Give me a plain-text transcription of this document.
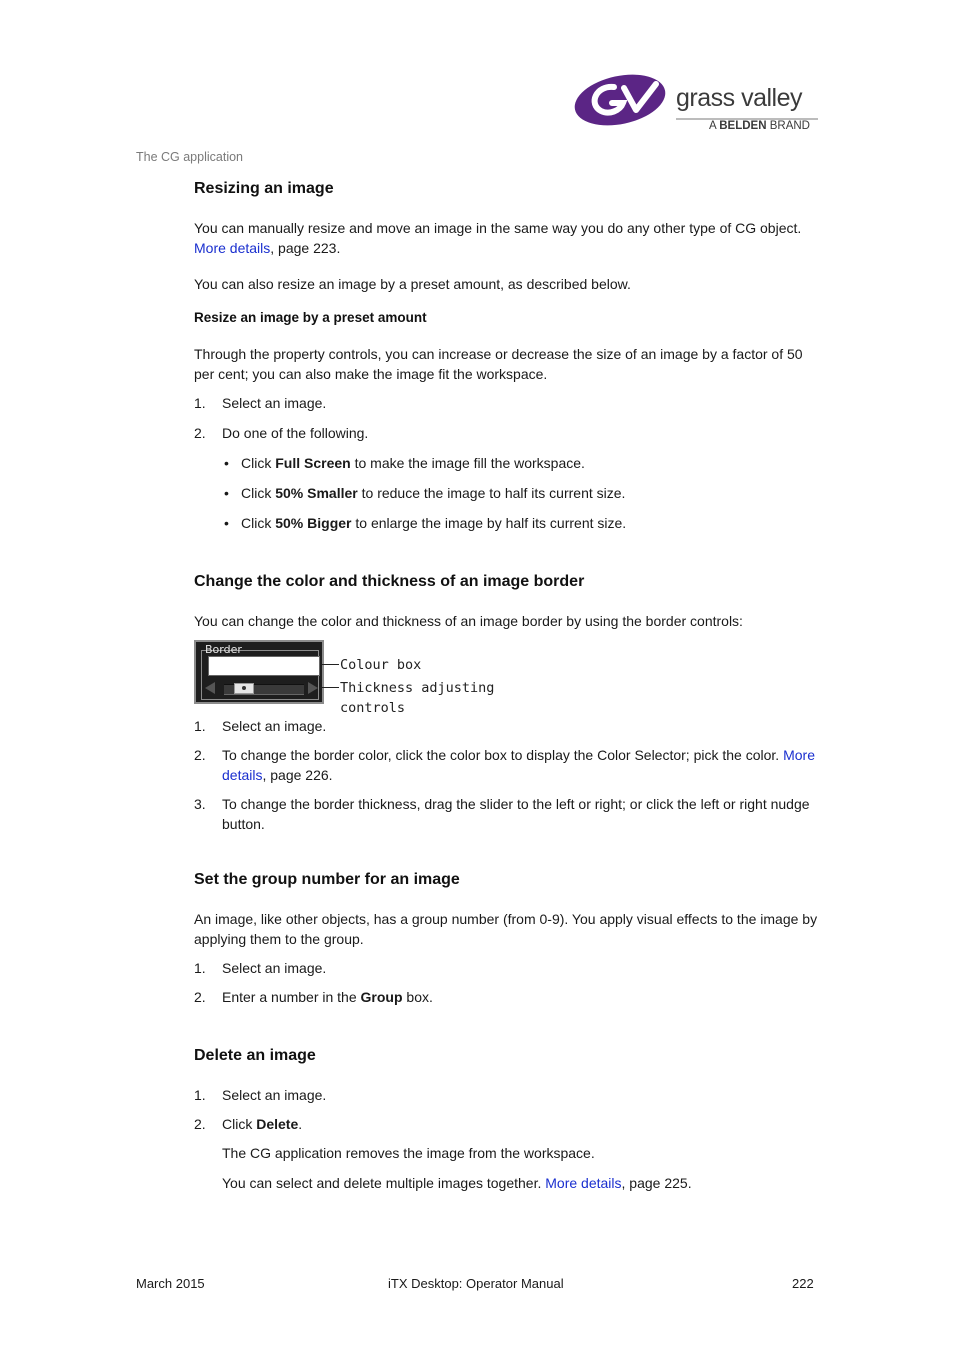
grass valley
A BELDEN BRAND
The CG application
Resizing an image

You can manually resize and move an image in the same way you do any other type of CG object. More details, page 223.

You can also resize an image by a preset amount, as described below.

Resize an image by a preset amount

Through the property controls, you can increase or decrease the size of an image by a factor of 50 per cent; you can also make the image fit the workspace.

1. Select an image.
2. Do one of the following.
• Click Full Screen to make the image fill the workspace.
• Click 50% Smaller to reduce the image to half its current size.
• Click 50% Bigger to enlarge the image by half its current size.
Change the color and thickness of an image border

You can change the color and thickness of an image border by using the border controls:

Border
Colour box
Thickness adjusting controls
1. Select an image.
2. To change the border color, click the color box to display the Color Selector; pick the color. More details, page 226.
3. To change the border thickness, drag the slider to the left or right; or click the left or right nudge button.
Set the group number for an image

An image, like other objects, has a group number (from 0-9). You apply visual effects to the image by applying them to the group.

1. Select an image.
2. Enter a number in the Group box.
Delete an image
1. Select an image.
2. Click Delete.

The CG application removes the image from the workspace.

You can select and delete multiple images together. More details, page 225.

March 2015	iTX Desktop: Operator Manual	222
